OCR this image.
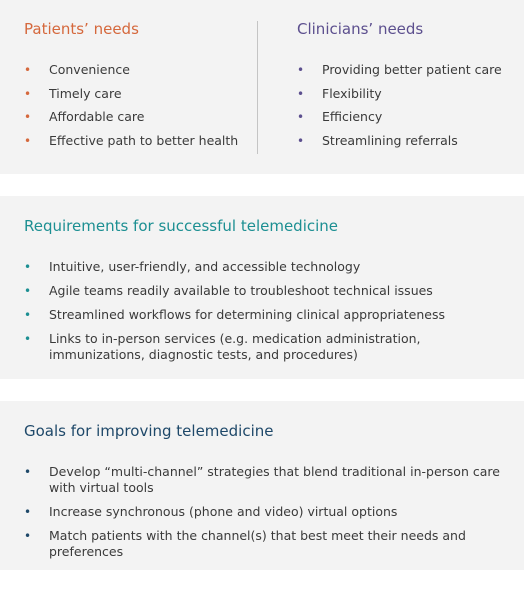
Patients’ needs
• Convenience
• Timely care
• Affordable care
• Effective path to better health
Clinicians’ needs
• Providing better patient care
• Flexibility
• Efficiency
• Streamlining referrals
Requirements for successful telemedicine
• Intuitive, user-friendly, and accessible technology
• Agile teams readily available to troubleshoot technical issues
• Streamlined workflows for determining clinical appropriateness
• Links to in-person services (e.g. medication administration, immunizations, diagnostic tests, and procedures)
Goals for improving telemedicine
• Develop “multi-channel” strategies that blend traditional in-person care with virtual tools
• Increase synchronous (phone and video) virtual options
• Match patients with the channel(s) that best meet their needs and preferences
